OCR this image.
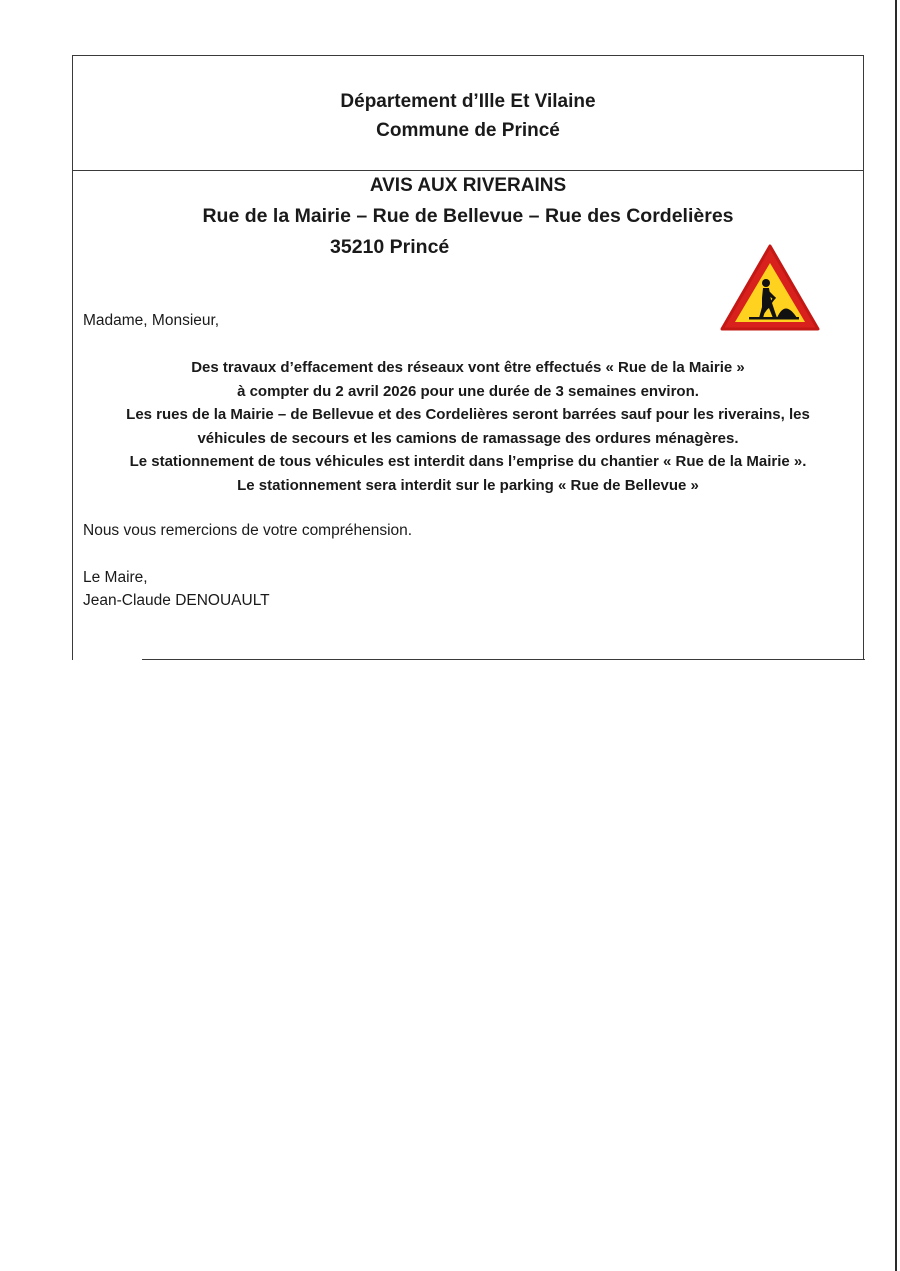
Département d’Ille Et Vilaine
Commune de Princé
AVIS AUX RIVERAINS
Rue de la Mairie – Rue de Bellevue – Rue des Cordelières
35210 Princé
Madame, Monsieur,
Des travaux d’effacement des réseaux vont être effectués « Rue de la Mairie »
à compter du 2 avril 2026 pour une durée de 3 semaines environ.
Les rues de la Mairie – de Bellevue et des Cordelières seront barrées sauf pour les riverains, les
véhicules de secours et les camions de ramassage des ordures ménagères.
Le stationnement de tous véhicules est interdit dans l’emprise du chantier « Rue de la Mairie ».
Le stationnement sera interdit sur le parking « Rue de Bellevue »
Nous vous remercions de votre compréhension.
Le Maire,
Jean-Claude DENOUAULT
